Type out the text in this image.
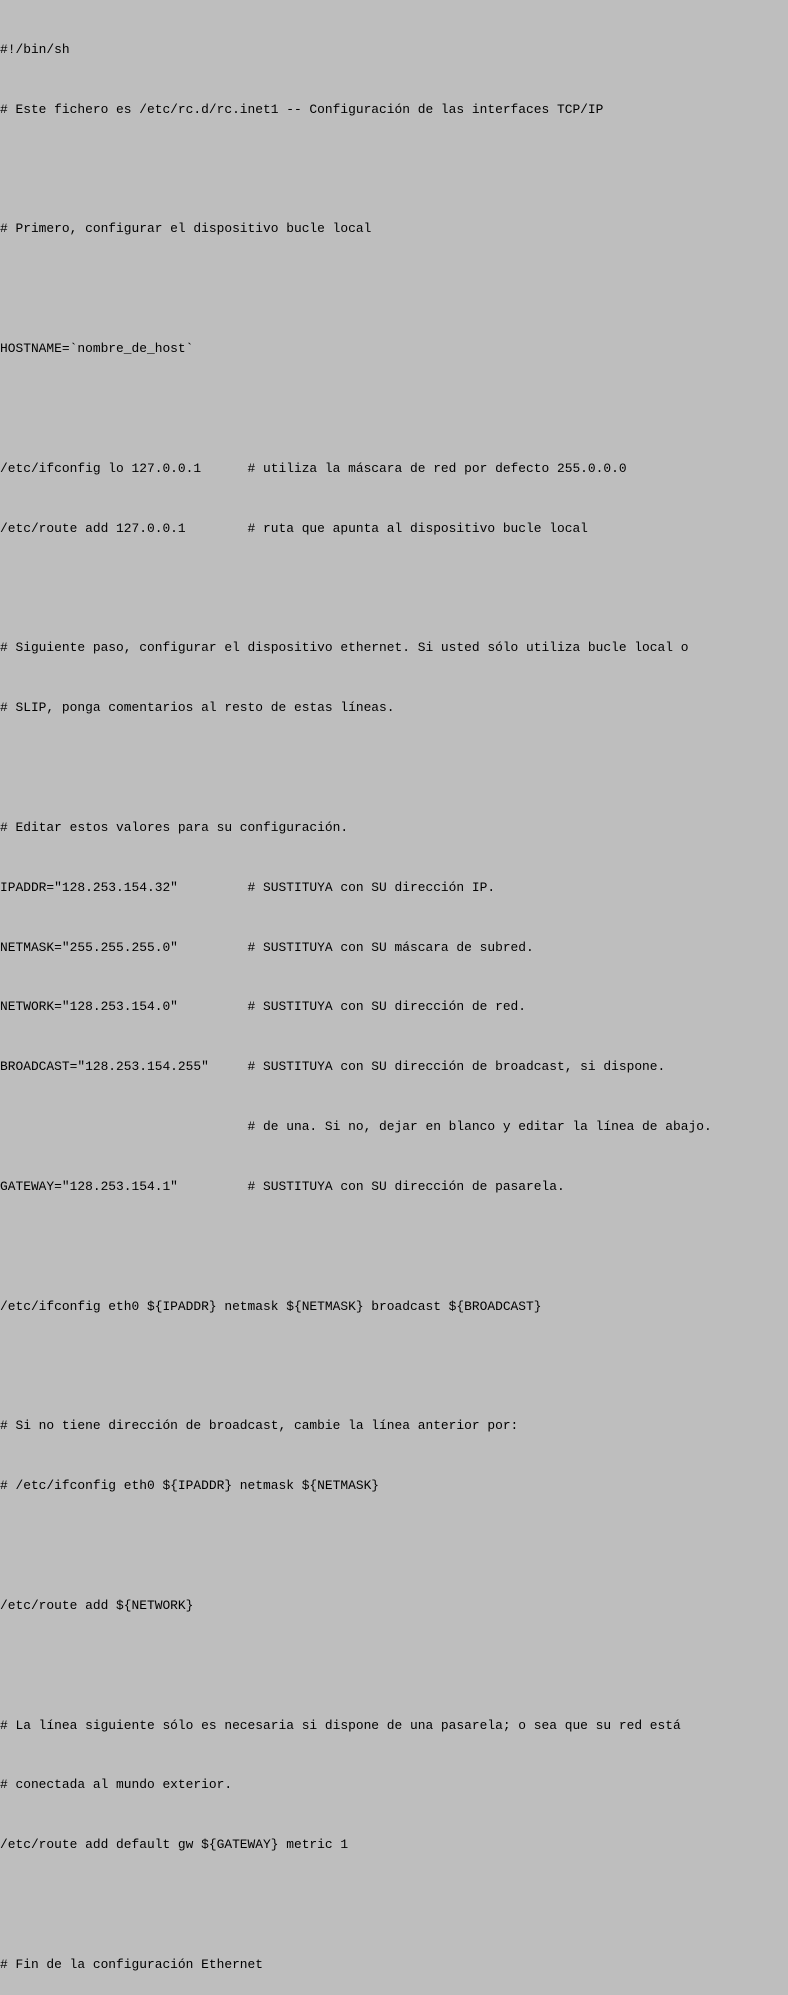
#!/bin/sh

# Este fichero es /etc/rc.d/rc.inet1 -- Configuración de las interfaces TCP/IP

# Primero, configurar el dispositivo bucle local

HOSTNAME=`nombre_de_host`

/etc/ifconfig lo 127.0.0.1      # utiliza la máscara de red por defecto 255.0.0.0

/etc/route add 127.0.0.1        # ruta que apunta al dispositivo bucle local

# Siguiente paso, configurar el dispositivo ethernet. Si usted sólo utiliza bucle local o

# SLIP, ponga comentarios al resto de estas líneas.

# Editar estos valores para su configuración.

IPADDR="128.253.154.32"         # SUSTITUYA con SU dirección IP.

NETMASK="255.255.255.0"         # SUSTITUYA con SU máscara de subred.

NETWORK="128.253.154.0"         # SUSTITUYA con SU dirección de red.

BROADCAST="128.253.154.255"     # SUSTITUYA con SU dirección de broadcast, si dispone.

# de una. Si no, dejar en blanco y editar la línea de abajo.

GATEWAY="128.253.154.1"         # SUSTITUYA con SU dirección de pasarela.

/etc/ifconfig eth0 ${IPADDR} netmask ${NETMASK} broadcast ${BROADCAST}

# Si no tiene dirección de broadcast, cambie la línea anterior por:

# /etc/ifconfig eth0 ${IPADDR} netmask ${NETMASK}

/etc/route add ${NETWORK}

# La línea siguiente sólo es necesaria si dispone de una pasarela; o sea que su red está

# conectada al mundo exterior.

/etc/route add default gw ${GATEWAY} metric 1

# Fin de la configuración Ethernet
